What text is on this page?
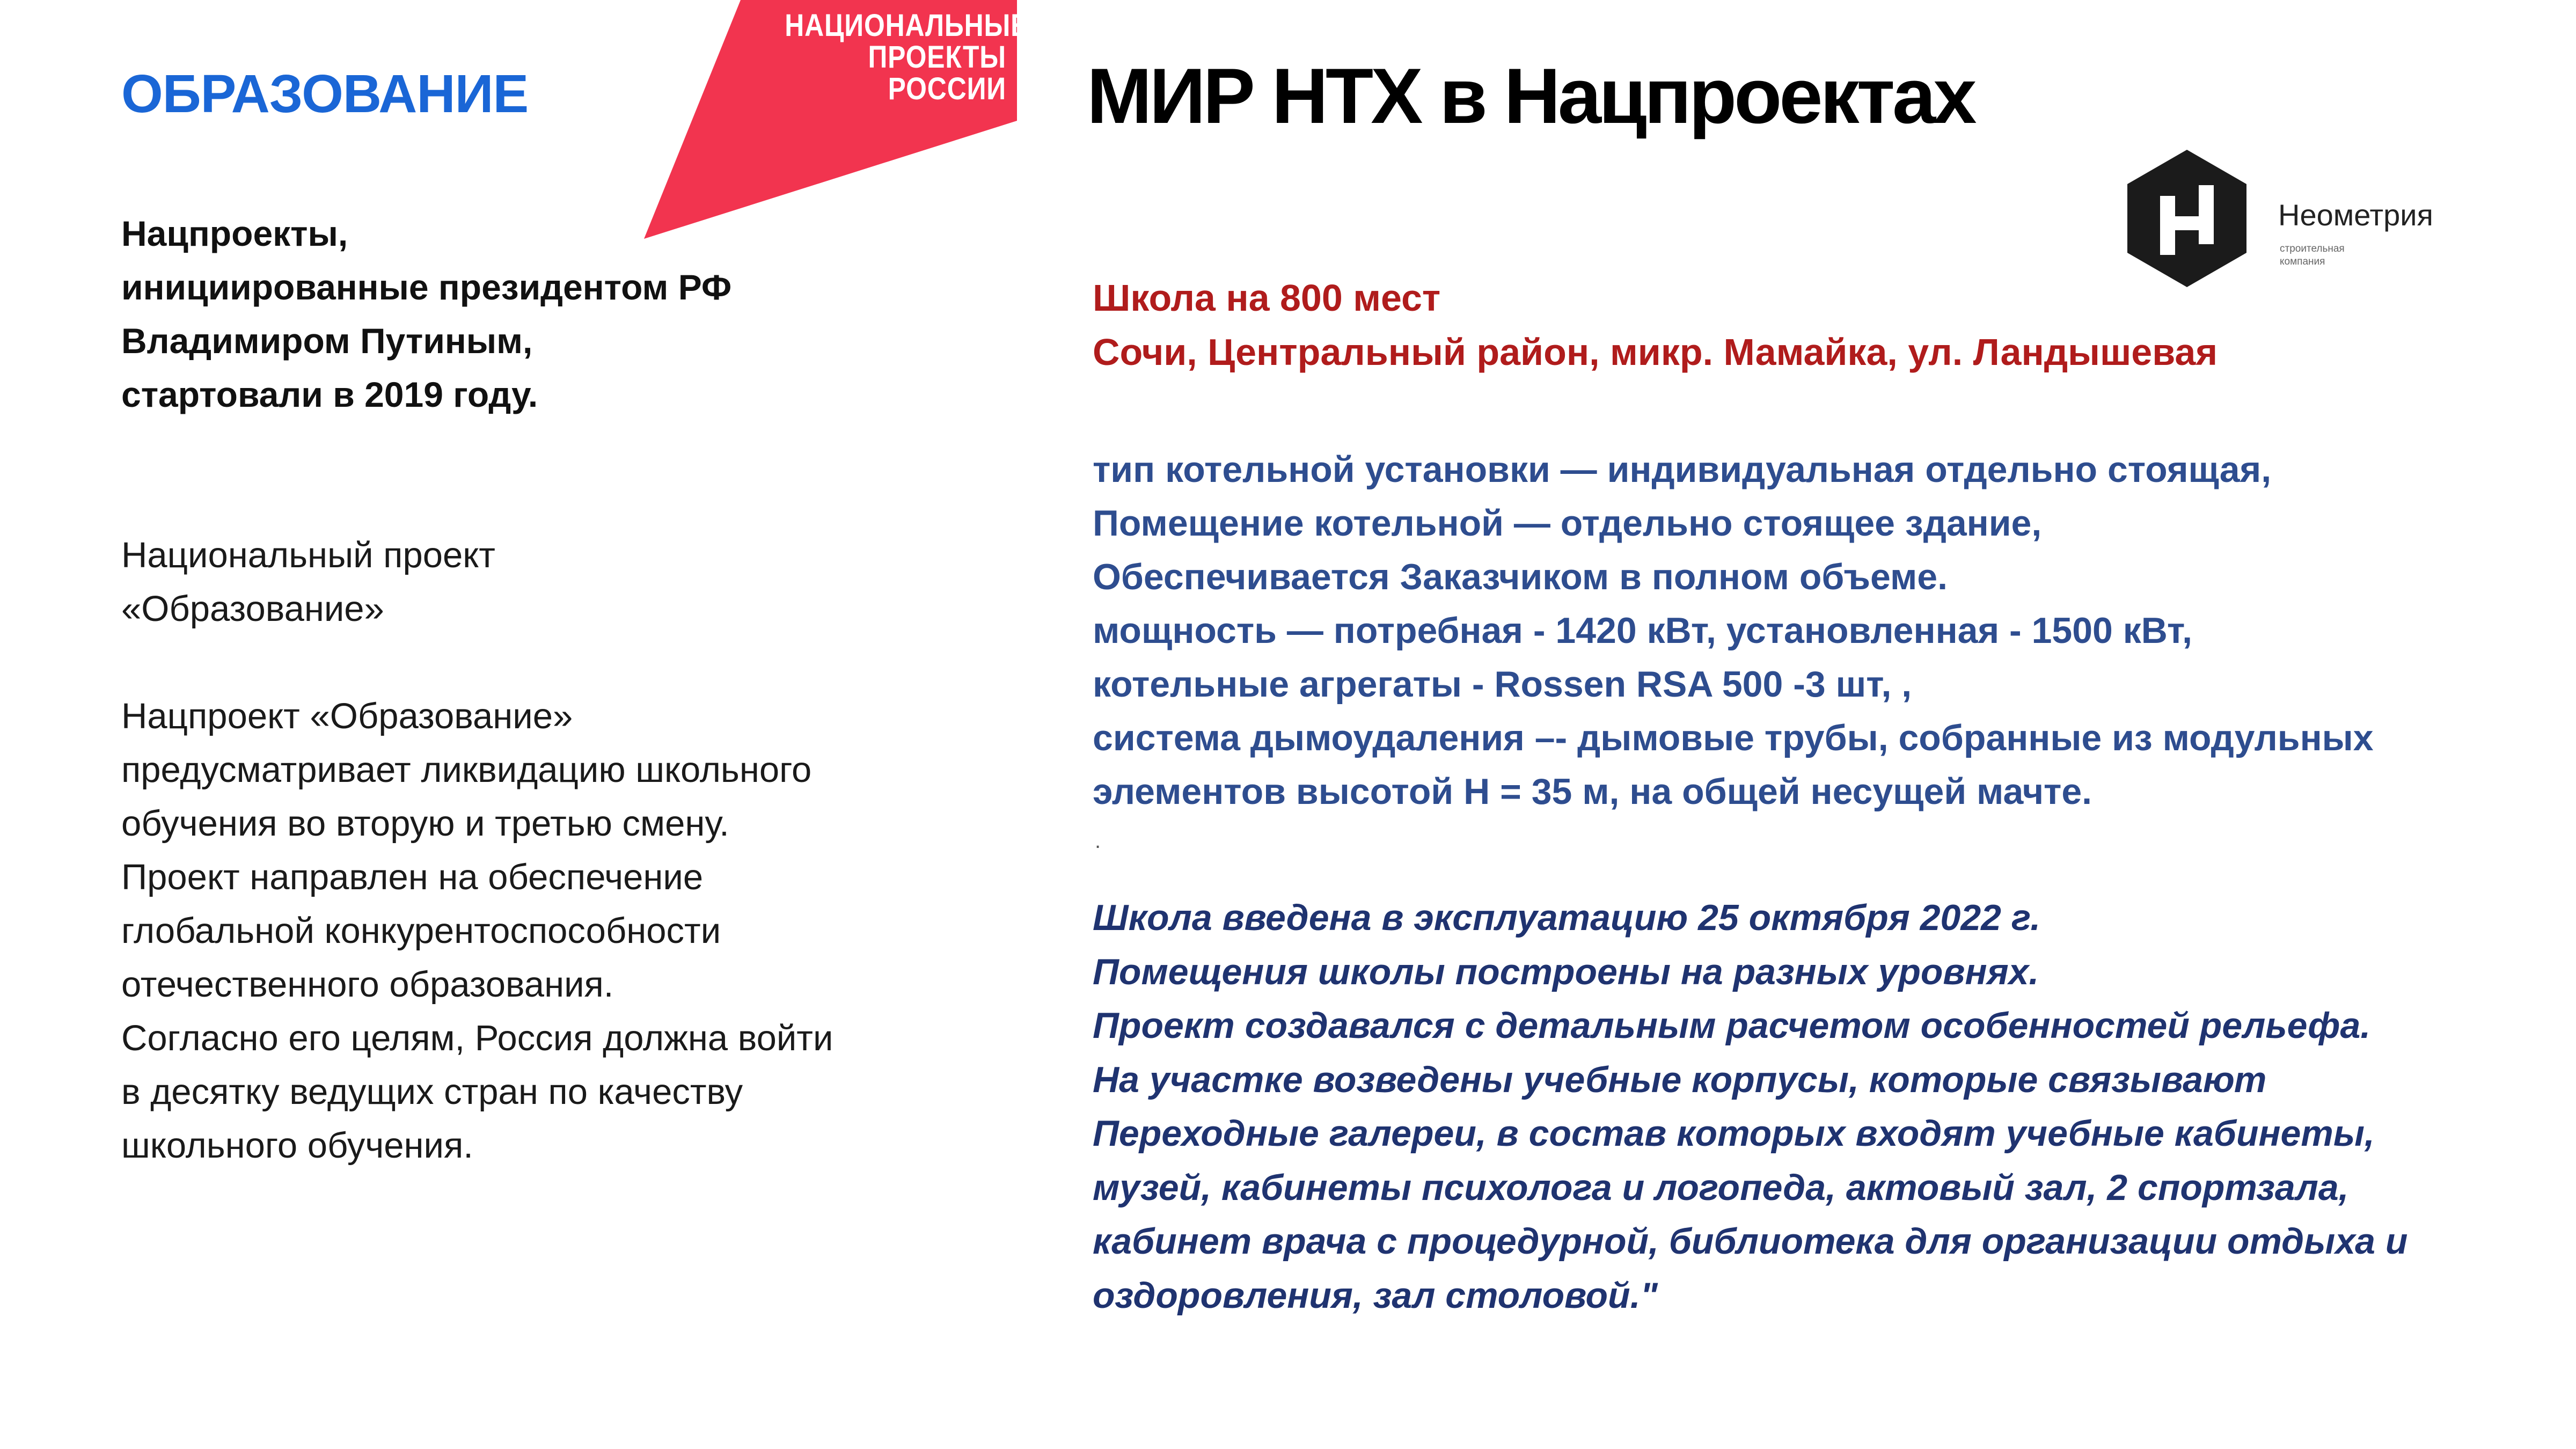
ОБРАЗОВАНИЕ
Нацпроекты,
инициированные президентом РФ
Владимиром Путиным,
стартовали в 2019 году.
Национальный проект
«Образование»
Нацпроект «Образование»
предусматривает ликвидацию школьного
обучения во вторую и третью смену.
Проект направлен на обеспечение
глобальной конкурентоспособности
отечественного образования.
Согласно его целям, Россия должна войти
в десятку ведущих стран по качеству
школьного обучения.
НАЦИОНАЛЬНЫЕ
ПРОЕКТЫ
РОССИИ МИР НТХ в Нацпроектах
Неометрия
строительная
компания
Школа на 800 мест
Сочи, Центральный район, микр. Мамайка, ул. Ландышевая
тип котельной установки — индивидуальная отдельно стоящая,
Помещение котельной — отдельно стоящее здание,
Обеспечивается Заказчиком в полном объеме.
мощность — потребная - 1420 кВт, установленная - 1500 кВт,
котельные агрегаты - Rossen RSA 500 -3 шт, ,
система дымоудаления –- дымовые трубы, собранные из модульных
элементов высотой Н = 35 м, на общей несущей мачте.
.
Школа введена в эксплуатацию 25 октября 2022 г.
Помещения школы построены на разных уровнях.
Проект создавался с детальным расчетом особенностей рельефа.
На участке возведены учебные корпусы, которые связывают
Переходные галереи, в состав которых входят учебные кабинеты,
музей, кабинеты психолога и логопеда, актовый зал, 2 спортзала,
кабинет врача с процедурной, библиотека для организации отдыха и
оздоровления, зал столовой."
